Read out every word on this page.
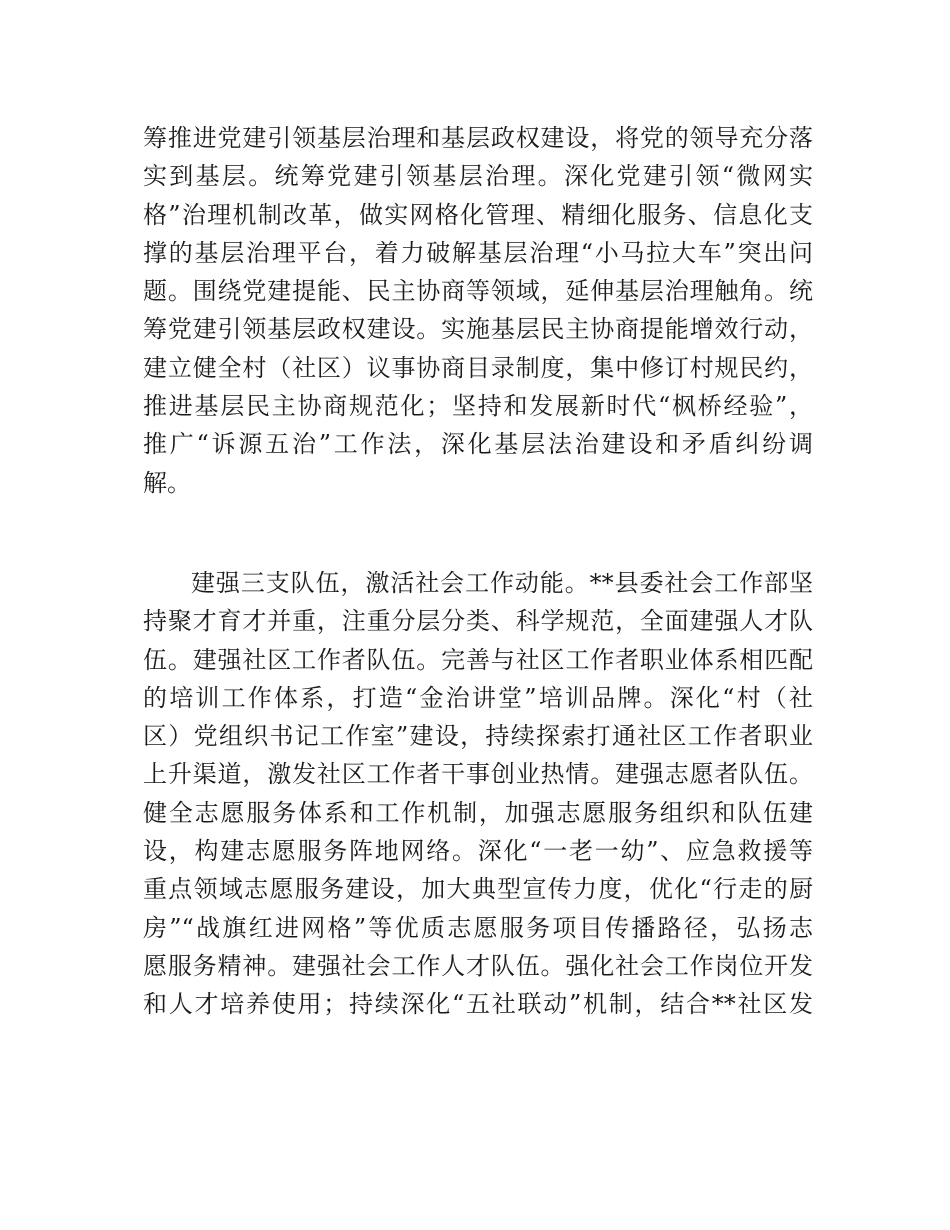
筹推进党建引领基层治理和基层政权建设，将党的领导充分落
实到基层。统筹党建引领基层治理。深化党建引领“微网实
格”治理机制改革，做实网格化管理、精细化服务、信息化支
撑的基层治理平台，着力破解基层治理“小马拉大车”突出问
题。围绕党建提能、民主协商等领域，延伸基层治理触角。统
筹党建引领基层政权建设。实施基层民主协商提能增效行动，
建立健全村（社区）议事协商目录制度，集中修订村规民约，
推进基层民主协商规范化；坚持和发展新时代“枫桥经验”，
推广“诉源五治”工作法，深化基层法治建设和矛盾纠纷调
解。
建强三支队伍，激活社会工作动能。**县委社会工作部坚
持聚才育才并重，注重分层分类、科学规范，全面建强人才队
伍。建强社区工作者队伍。完善与社区工作者职业体系相匹配
的培训工作体系，打造“金治讲堂”培训品牌。深化“村（社
区）党组织书记工作室”建设，持续探索打通社区工作者职业
上升渠道，激发社区工作者干事创业热情。建强志愿者队伍。
健全志愿服务体系和工作机制，加强志愿服务组织和队伍建
设，构建志愿服务阵地网络。深化“一老一幼”、应急救援等
重点领域志愿服务建设，加大典型宣传力度，优化“行走的厨
房”“战旗红进网格”等优质志愿服务项目传播路径，弘扬志
愿服务精神。建强社会工作人才队伍。强化社会工作岗位开发
和人才培养使用；持续深化“五社联动”机制，结合**社区发
